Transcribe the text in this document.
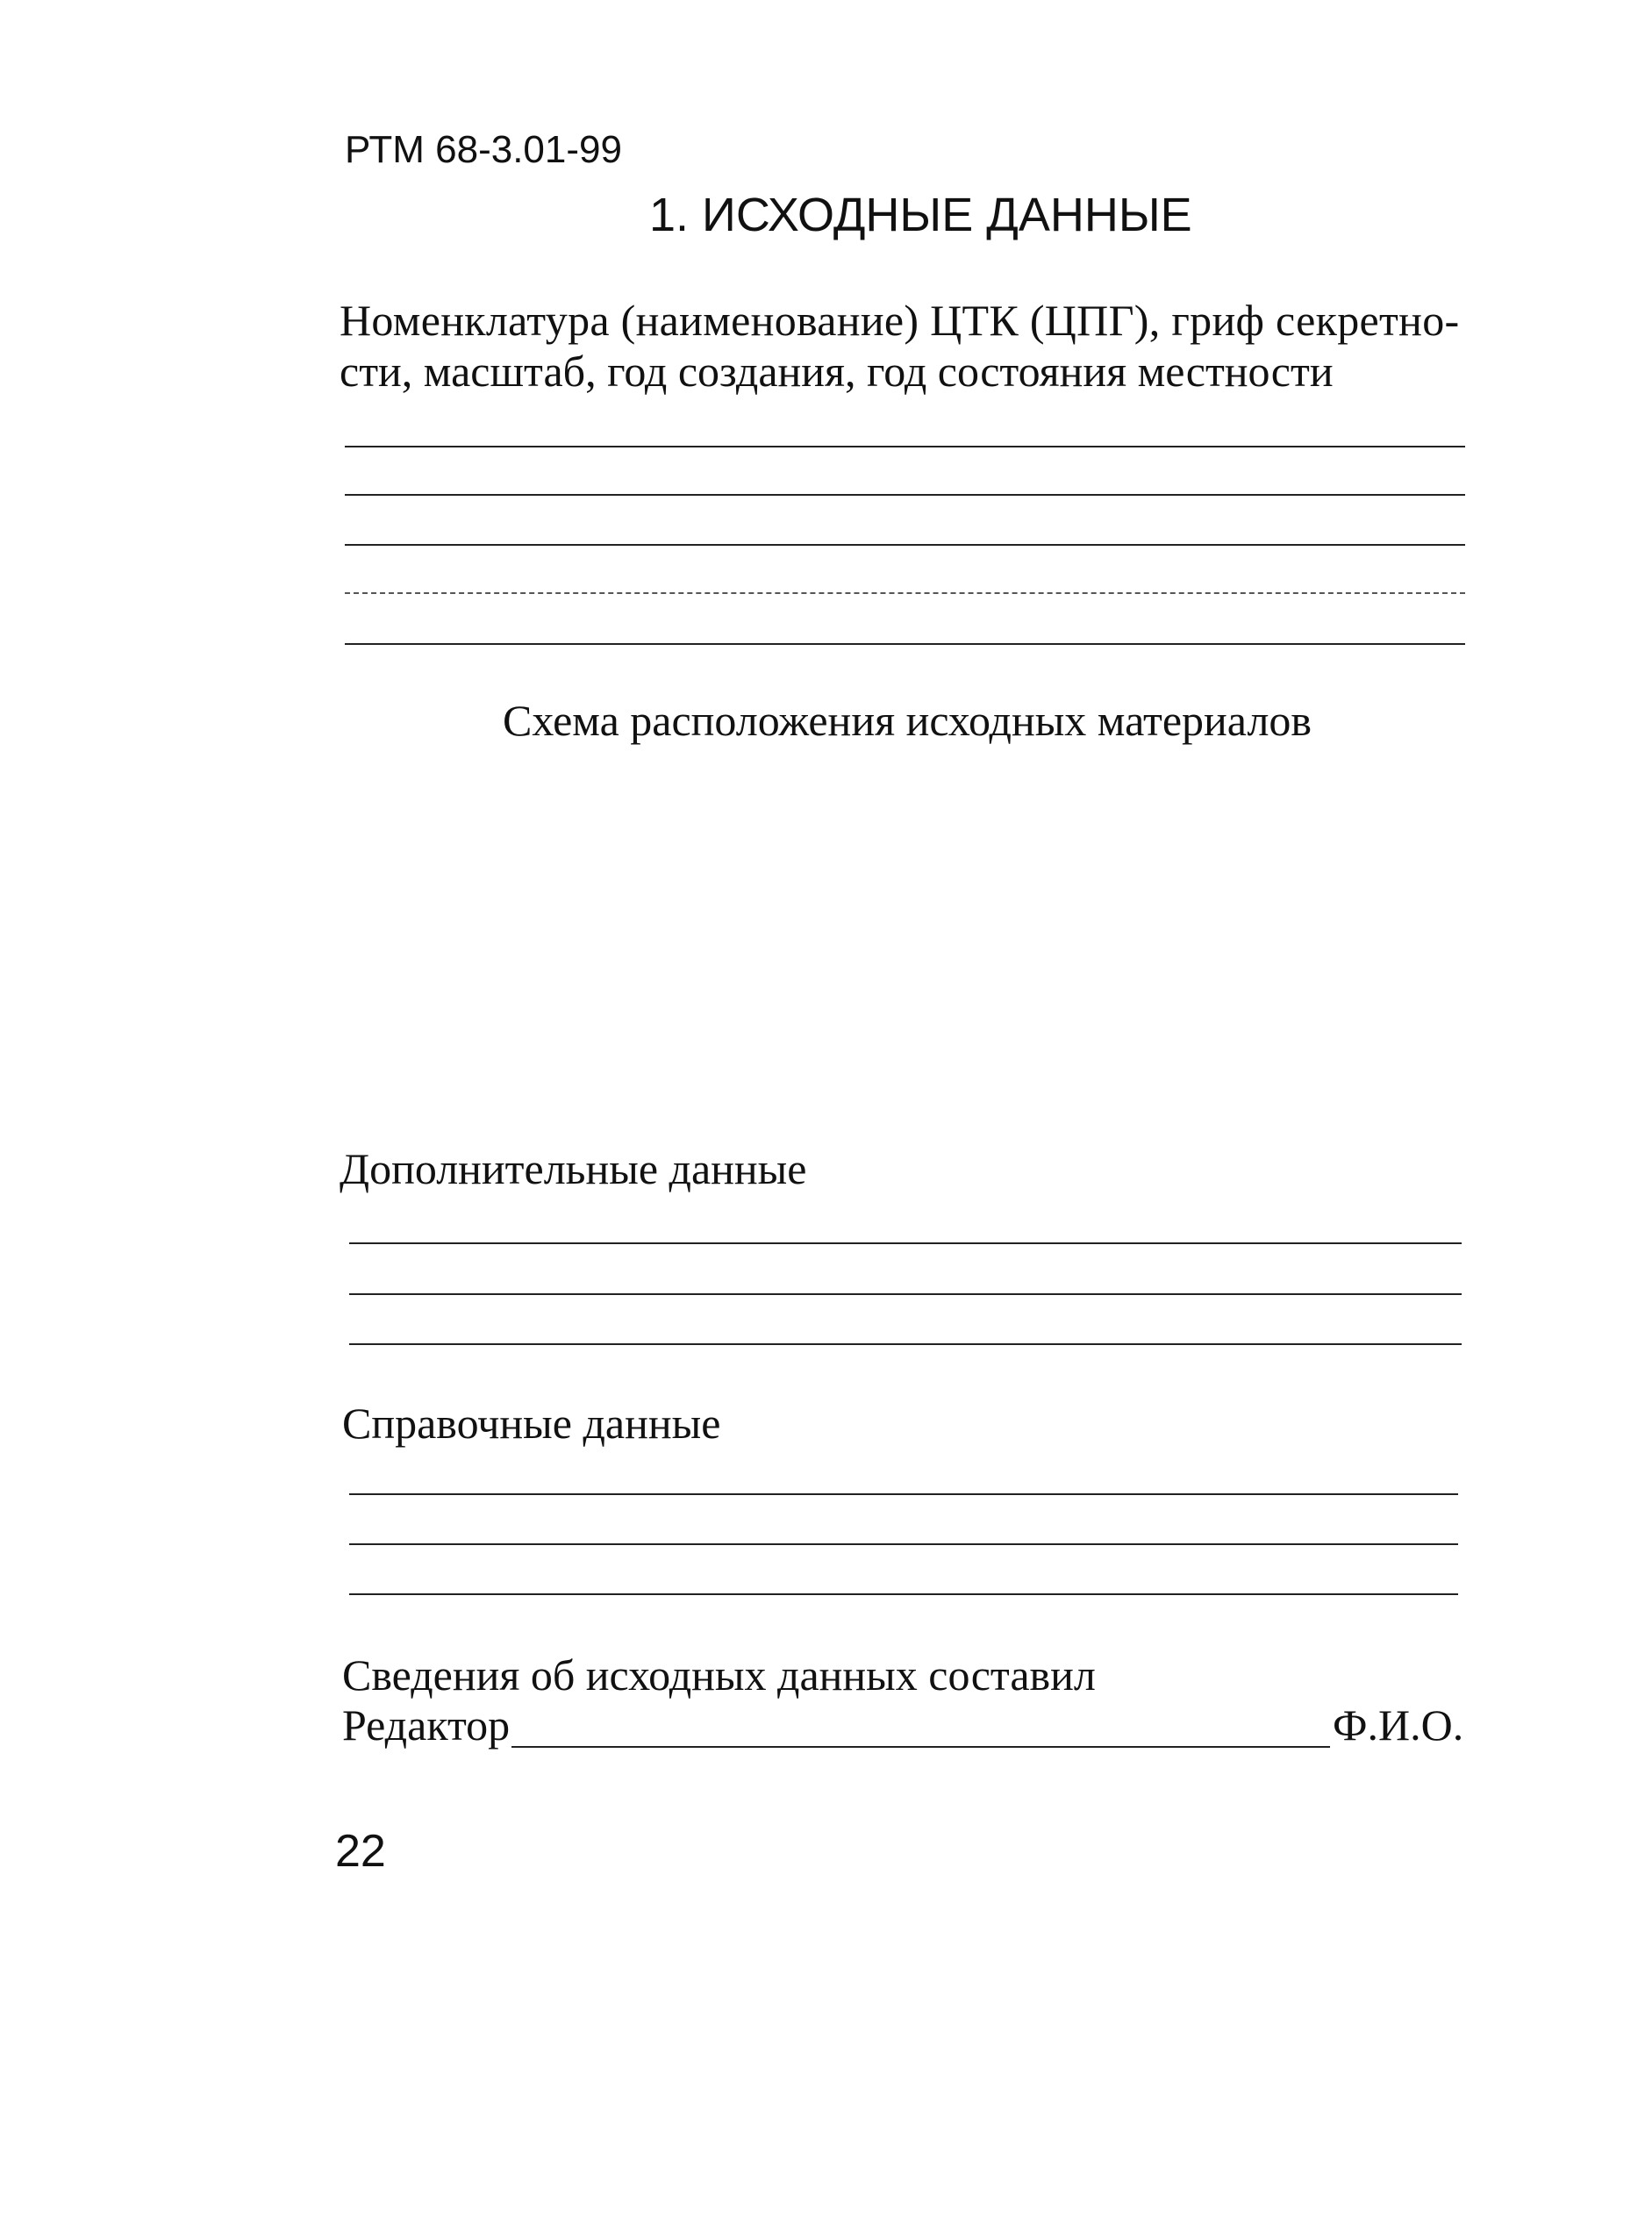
РТМ 68-3.01-99
1. ИСХОДНЫЕ ДАННЫЕ
Номенклатура (наименование) ЦТК (ЦПГ), гриф секретно-
сти, масштаб, год создания, год состояния местности
Схема расположения исходных материалов
Дополнительные данные
Справочные данные
Сведения об исходных данных составил
Редактор	Ф.И.О.
22
